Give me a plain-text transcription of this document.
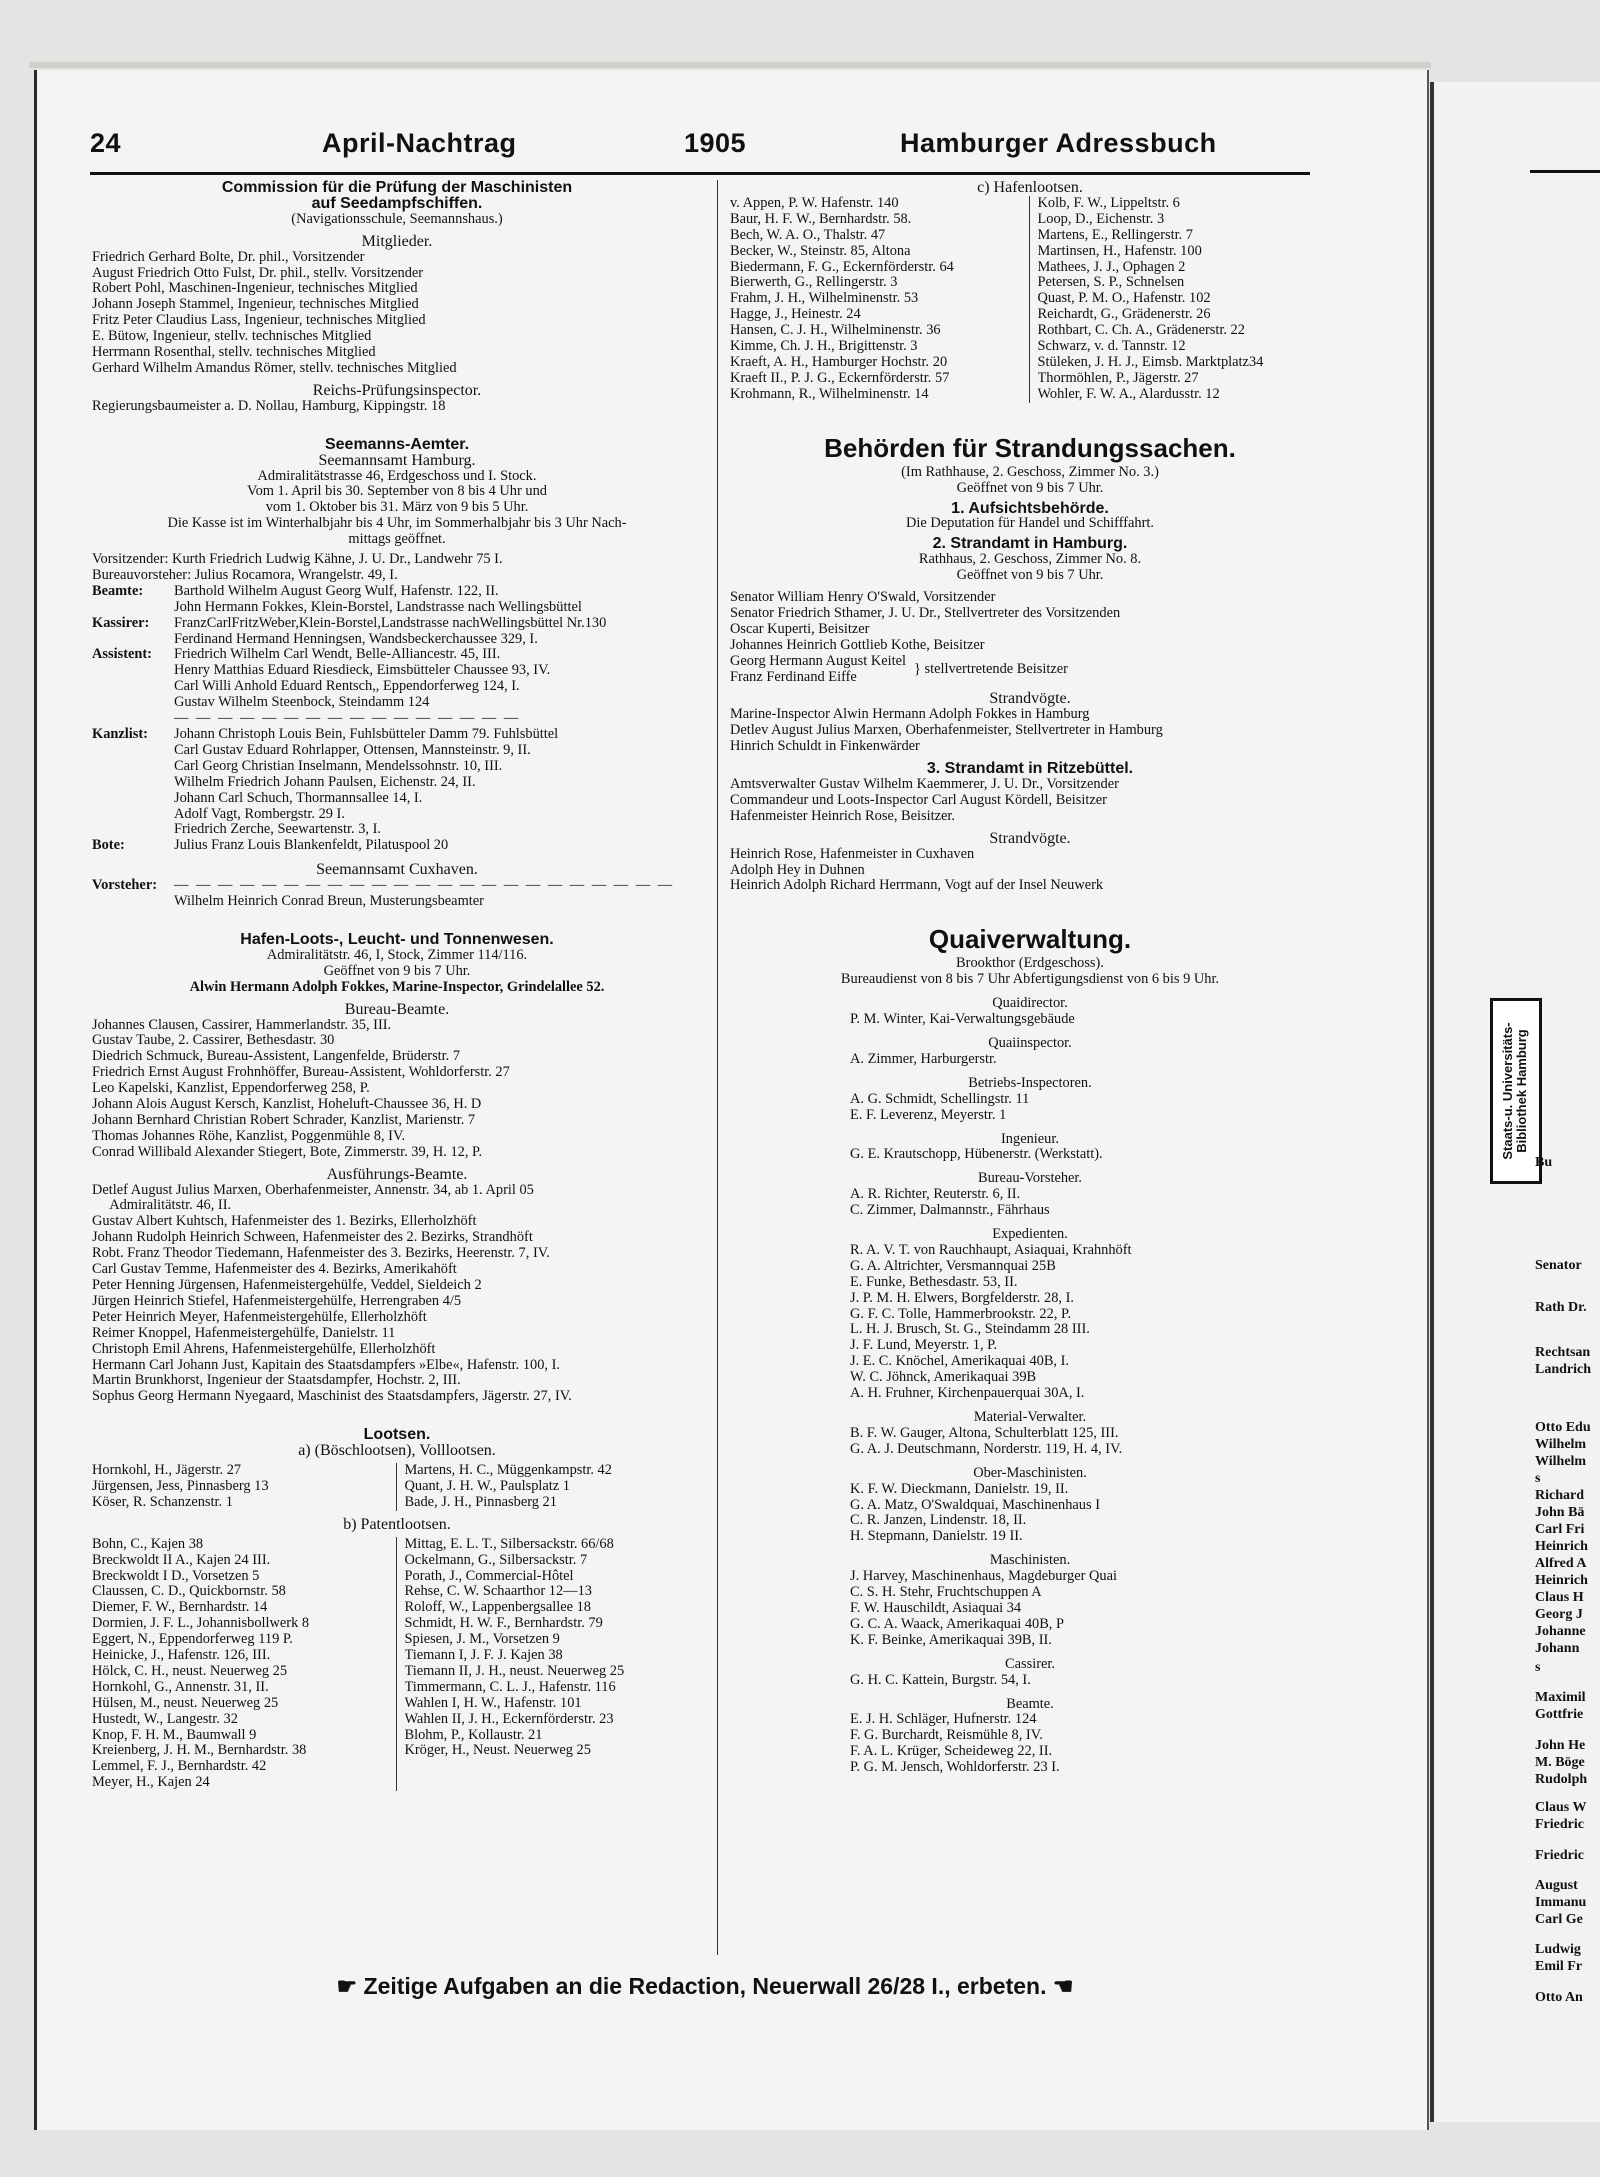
24	April-Nachtrag	1905	Hamburger Adressbuch
Commission für die Prüfung der Maschinisten
auf Seedampfschiffen.
(Navigationsschule, Seemannshaus.)
Mitglieder.
Friedrich Gerhard Bolte, Dr. phil., Vorsitzender
August Friedrich Otto Fulst, Dr. phil., stellv. Vorsitzender
Robert Pohl, Maschinen-Ingenieur, technisches Mitglied
Johann Joseph Stammel, Ingenieur, technisches Mitglied
Fritz Peter Claudius Lass, Ingenieur, technisches Mitglied
E. Bütow, Ingenieur, stellv. technisches Mitglied
Herrmann Rosenthal, stellv. technisches Mitglied
Gerhard Wilhelm Amandus Römer, stellv. technisches Mitglied
Reichs-Prüfungsinspector.
Regierungsbaumeister a. D. Nollau, Hamburg, Kippingstr. 18
Seemanns-Aemter.
Seemannsamt Hamburg.
Admiralitätstrasse 46, Erdgeschoss und I. Stock.
Vom 1. April bis 30. September von 8 bis 4 Uhr und
vom 1. Oktober bis 31. März von 9 bis 5 Uhr.
Die Kasse ist im Winterhalbjahr bis 4 Uhr, im Sommerhalbjahr bis 3 Uhr Nach-
mittags geöffnet.
Vorsitzender: Kurth Friedrich Ludwig Kähne, J. U. Dr., Landwehr 75 I.
Bureauvorsteher: Julius Rocamora, Wrangelstr. 49, I.
Beamte: Barthold Wilhelm August Georg Wulf, Hafenstr. 122, II.
John Hermann Fokkes, Klein-Borstel, Landstrasse nach Wellingsbüttel
Kassirer: FranzCarlFritzWeber,Klein-Borstel,Landstrasse nachWellingsbüttel Nr.130
Ferdinand Hermand Henningsen, Wandsbeckerchaussee 329, I.
Assistent: Friedrich Wilhelm Carl Wendt, Belle-Alliancestr. 45, III.
Henry Matthias Eduard Riesdieck, Eimsbütteler Chaussee 93, IV.
Carl Willi Anhold Eduard Rentsch,, Eppendorferweg 124, I.
Gustav Wilhelm Steenbock, Steindamm 124
— — — — — — — — — — — — — — — —
Kanzlist: Johann Christoph Louis Bein, Fuhlsbütteler Damm 79. Fuhlsbüttel
Carl Gustav Eduard Rohrlapper, Ottensen, Mannsteinstr. 9, II.
Carl Georg Christian Inselmann, Mendelssohnstr. 10, III.
Wilhelm Friedrich Johann Paulsen, Eichenstr. 24, II.
Johann Carl Schuch, Thormannsallee 14, I.
Adolf Vagt, Rombergstr. 29 I.
Friedrich Zerche, Seewartenstr. 3, I.
Bote:	Julius Franz Louis Blankenfeldt, Pilatuspool 20
Seemannsamt Cuxhaven.
Vorsteher: — — — — — — — — — — — — — — — — — — — — — — —
Wilhelm Heinrich Conrad Breun, Musterungsbeamter
Hafen-Loots-, Leucht- und Tonnenwesen.
Admiralitätstr. 46, I, Stock, Zimmer 114/116.
Geöffnet von 9 bis 7 Uhr.
Alwin Hermann Adolph Fokkes, Marine-Inspector, Grindelallee 52.
Bureau-Beamte.
Johannes Clausen, Cassirer, Hammerlandstr. 35, III.
Gustav Taube, 2. Cassirer, Bethesdastr. 30
Diedrich Schmuck, Bureau-Assistent, Langenfelde, Brüderstr. 7
Friedrich Ernst August Frohnhöffer, Bureau-Assistent, Wohldorferstr. 27
Leo Kapelski, Kanzlist, Eppendorferweg 258, P.
Johann Alois August Kersch, Kanzlist, Hoheluft-Chaussee 36, H. D
Johann Bernhard Christian Robert Schrader, Kanzlist, Marienstr. 7
Thomas Johannes Röhe, Kanzlist, Poggenmühle 8, IV.
Conrad Willibald Alexander Stiegert, Bote, Zimmerstr. 39, H. 12, P.
Ausführungs-Beamte.
Detlef August Julius Marxen, Oberhafenmeister, Annenstr. 34, ab 1. April 05
Admiralitätstr. 46, II.
Gustav Albert Kuhtsch, Hafenmeister des 1. Bezirks, Ellerholzhöft
Johann Rudolph Heinrich Schween, Hafenmeister des 2. Bezirks, Strandhöft
Robt. Franz Theodor Tiedemann, Hafenmeister des 3. Bezirks, Heerenstr. 7, IV.
Carl Gustav Temme, Hafenmeister des 4. Bezirks, Amerikahöft
Peter Henning Jürgensen, Hafenmeistergehülfe, Veddel, Sieldeich 2
Jürgen Heinrich Stiefel, Hafenmeistergehülfe, Herrengraben 4/5
Peter Heinrich Meyer, Hafenmeistergehülfe, Ellerholzhöft
Reimer Knoppel, Hafenmeistergehülfe, Danielstr. 11
Christoph Emil Ahrens, Hafenmeistergehülfe, Ellerholzhöft
Hermann Carl Johann Just, Kapitain des Staatsdampfers »Elbe«, Hafenstr. 100, I.
Martin Brunkhorst, Ingenieur der Staatsdampfer, Hochstr. 2, III.
Sophus Georg Hermann Nyegaard, Maschinist des Staatsdampfers, Jägerstr. 27, IV.
Lootsen.
a) (Böschlootsen), Volllootsen.
Hornkohl, H., Jägerstr. 27
Jürgensen, Jess, Pinnasberg 13
Köser, R. Schanzenstr. 1
Martens, H. C., Müggenkampstr. 42
Quant, J. H. W., Paulsplatz 1
Bade, J. H., Pinnasberg 21
b) Patentlootsen.
Bohn, C., Kajen 38
Breckwoldt II A., Kajen 24 III.
Breckwoldt I D., Vorsetzen 5
Claussen, C. D., Quickbornstr. 58
Diemer, F. W., Bernhardstr. 14
Dormien, J. F. L., Johannisbollwerk 8
Eggert, N., Eppendorferweg 119 P.
Heinicke, J., Hafenstr. 126, III.
Hölck, C. H., neust. Neuerweg 25
Hornkohl, G., Annenstr. 31, II.
Hülsen, M., neust. Neuerweg 25
Hustedt, W., Langestr. 32
Knop, F. H. M., Baumwall 9
Kreienberg, J. H. M., Bernhardstr. 38
Lemmel, F. J., Bernhardstr. 42
Meyer, H., Kajen 24
Mittag, E. L. T., Silbersackstr. 66/68
Ockelmann, G., Silbersackstr. 7
Porath, J., Commercial-Hôtel
Rehse, C. W. Schaarthor 12—13
Roloff, W., Lappenbergsallee 18
Schmidt, H. W. F., Bernhardstr. 79
Spiesen, J. M., Vorsetzen 9
Tiemann I, J. F. J. Kajen 38
Tiemann II, J. H., neust. Neuerweg 25
Timmermann, C. L. J., Hafenstr. 116
Wahlen I, H. W., Hafenstr. 101
Wahlen II, J. H., Eckernförderstr. 23
Blohm, P., Kollaustr. 21
Kröger, H., Neust. Neuerweg 25
c) Hafenlootsen.
v. Appen, P. W. Hafenstr. 140
Baur, H. F. W., Bernhardstr. 58.
Bech, W. A. O., Thalstr. 47
Becker, W., Steinstr. 85, Altona
Biedermann, F. G., Eckernförderstr. 64
Bierwerth, G., Rellingerstr. 3
Frahm, J. H., Wilhelminenstr. 53
Hagge, J., Heinestr. 24
Hansen, C. J. H., Wilhelminenstr. 36
Kimme, Ch. J. H., Brigittenstr. 3
Kraeft, A. H., Hamburger Hochstr. 20
Kraeft II., P. J. G., Eckernförderstr. 57
Krohmann, R., Wilhelminenstr. 14
Kolb, F. W., Lippeltstr. 6
Loop, D., Eichenstr. 3
Martens, E., Rellingerstr. 7
Martinsen, H., Hafenstr. 100
Mathees, J. J., Ophagen 2
Petersen, S. P., Schnelsen
Quast, P. M. O., Hafenstr. 102
Reichardt, G., Grädenerstr. 26
Rothbart, C. Ch. A., Grädenerstr. 22
Schwarz, v. d. Tannstr. 12
Stüleken, J. H. J., Eimsb. Marktplatz34
Thormöhlen, P., Jägerstr. 27
Wohler, F. W. A., Alardusstr. 12
Behörden für Strandungssachen.
(Im Rathhause, 2. Geschoss, Zimmer No. 3.)
Geöffnet von 9 bis 7 Uhr.
1. Aufsichtsbehörde.
Die Deputation für Handel und Schifffahrt.
2. Strandamt in Hamburg.
Rathhaus, 2. Geschoss, Zimmer No. 8.
Geöffnet von 9 bis 7 Uhr.
Senator William Henry O'Swald, Vorsitzender
Senator Friedrich Sthamer, J. U. Dr., Stellvertreter des Vorsitzenden
Oscar Kuperti, Beisitzer
Johannes Heinrich Gottlieb Kothe, Beisitzer
Georg Hermann August Keitel
Franz Ferdinand Eiffe	} stellvertretende Beisitzer
Strandvögte.
Marine-Inspector Alwin Hermann Adolph Fokkes in Hamburg
Detlev August Julius Marxen, Oberhafenmeister, Stellvertreter in Hamburg
Hinrich Schuldt in Finkenwärder
3. Strandamt in Ritzebüttel.
Amtsverwalter Gustav Wilhelm Kaemmerer, J. U. Dr., Vorsitzender
Commandeur und Loots-Inspector Carl August Kördell, Beisitzer
Hafenmeister Heinrich Rose, Beisitzer.
Strandvögte.
Heinrich Rose, Hafenmeister in Cuxhaven
Adolph Hey in Duhnen
Heinrich Adolph Richard Herrmann, Vogt auf der Insel Neuwerk
Quaiverwaltung.
Brookthor (Erdgeschoss).
Bureaudienst von 8 bis 7 Uhr Abfertigungsdienst von 6 bis 9 Uhr.
Quaidirector.
P. M. Winter, Kai-Verwaltungsgebäude
Quaiinspector.
A. Zimmer, Harburgerstr.
Betriebs-Inspectoren.
A. G. Schmidt, Schellingstr. 11
E. F. Leverenz, Meyerstr. 1
Ingenieur.
G. E. Krautschopp, Hübenerstr. (Werkstatt).
Bureau-Vorsteher.
A. R. Richter, Reuterstr. 6, II.
C. Zimmer, Dalmannstr., Fährhaus
Expedienten.
R. A. V. T. von Rauchhaupt, Asiaquai, Krahnhöft
G. A. Altrichter, Versmannquai 25B
E. Funke, Bethesdastr. 53, II.
J. P. M. H. Elwers, Borgfelderstr. 28, I.
G. F. C. Tolle, Hammerbrookstr. 22, P.
L. H. J. Brusch, St. G., Steindamm 28 III.
J. F. Lund, Meyerstr. 1, P.
J. E. C. Knöchel, Amerikaquai 40B, I.
W. C. Jöhnck, Amerikaquai 39B
A. H. Fruhner, Kirchenpauerquai 30A, I.
Material-Verwalter.
B. F. W. Gauger, Altona, Schulterblatt 125, III.
G. A. J. Deutschmann, Norderstr. 119, H. 4, IV.
Ober-Maschinisten.
K. F. W. Dieckmann, Danielstr. 19, II.
G. A. Matz, O'Swaldquai, Maschinenhaus I
C. R. Janzen, Lindenstr. 18, II.
H. Stepmann, Danielstr. 19 II.
Maschinisten.
J. Harvey, Maschinenhaus, Magdeburger Quai
C. S. H. Stehr, Fruchtschuppen A
F. W. Hauschildt, Asiaquai 34
G. C. A. Waack, Amerikaquai 40B, P
K. F. Beinke, Amerikaquai 39B, II.
Cassirer.
G. H. C. Kattein, Burgstr. 54, I.
Beamte.
E. J. H. Schläger, Hufnerstr. 124
F. G. Burchardt, Reismühle 8, IV.
F. A. L. Krüger, Scheideweg 22, II.
P. G. M. Jensch, Wohldorferstr. 23 I.
☛ Zeitige Aufgaben an die Redaction, Neuerwall 26/28 I., erbeten. ☚
Staats-u. Universitäts- Bibliothek Hamburg
Bu
Senator
Rath Dr.
Rechtsan
Landrich
Otto Edu
Wilhelm
Wilhelm
s
Richard
John Bä
Carl Fri
Heinrich
Alfred A
Heinrich
Claus H
Georg J
Johanne
Johann
s
Maximil
Gottfrie
John He
M. Böge
Rudolph
Claus W
Friedric
Friedric
August
Immanu
Carl Ge
Ludwig
Emil Fr
Otto An
